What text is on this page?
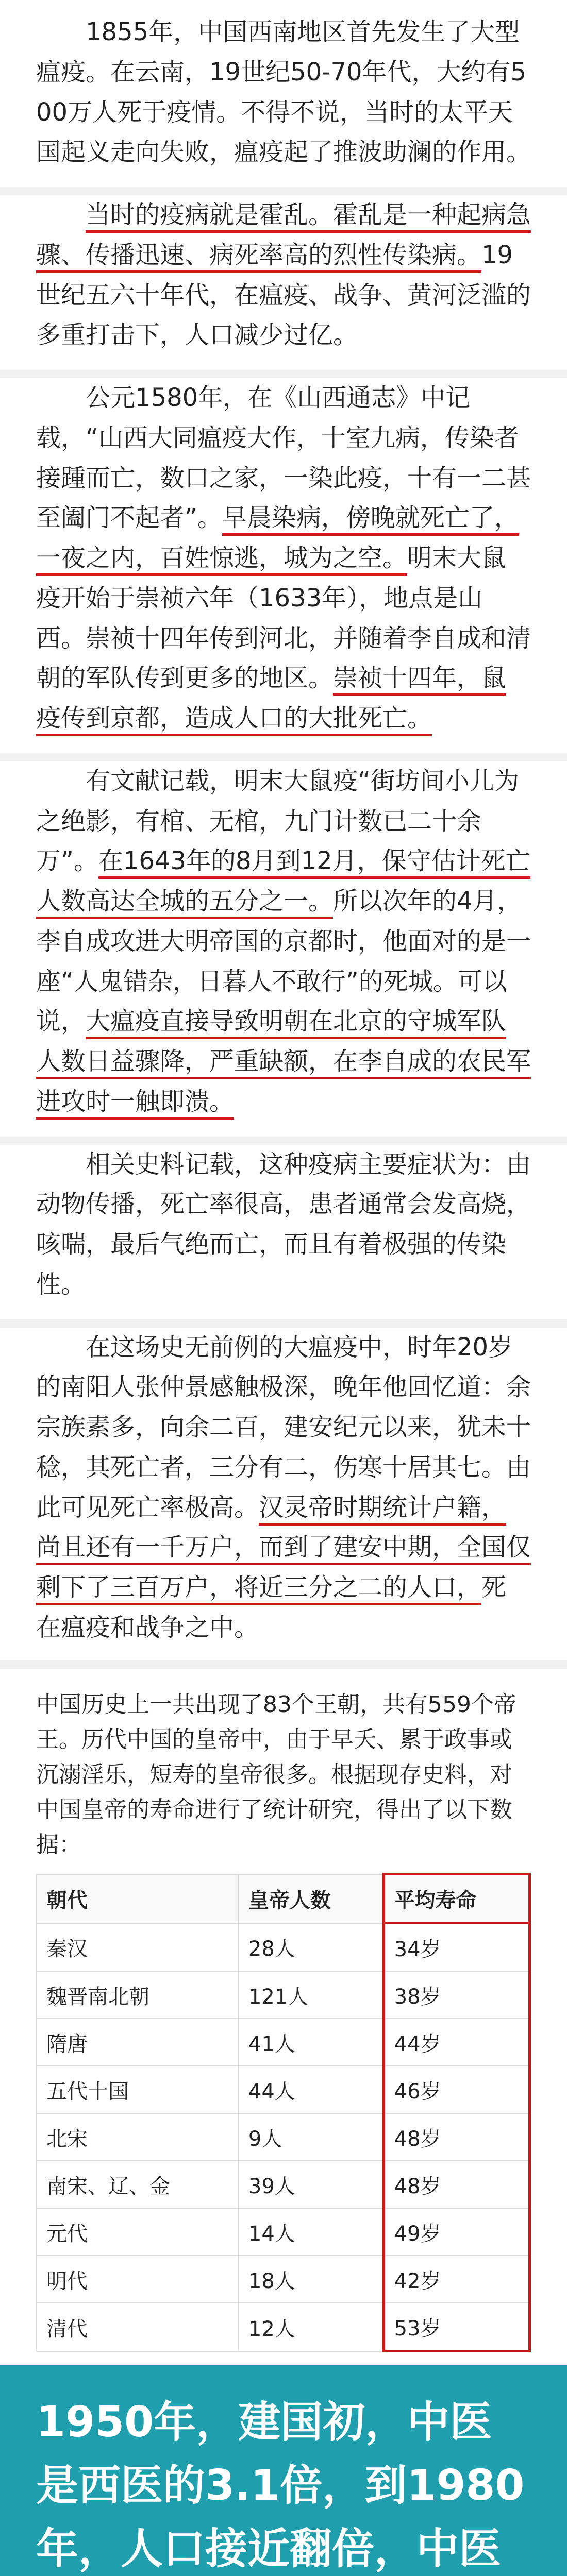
1855年，中国西南地区首先发生了大型瘟疫。在云南，19世纪50-70年代，大约有500万人死于疫情。不得不说，当时的太平天国起义走向失败，瘟疫起了推波助澜的作用。

当时的疫病就是霍乱。霍乱是一种起病急骤、传播迅速、病死率高的烈性传染病。19世纪五六十年代，在瘟疫、战争、黄河泛滥的多重打击下，人口减少过亿。

公元1580年，在《山西通志》中记载，“山西大同瘟疫大作，十室九病，传染者接踵而亡，数口之家，一染此疫，十有一二甚至阖门不起者”。早晨染病，傍晚就死亡了，一夜之内，百姓惊逃，城为之空。明末大鼠疫开始于崇祯六年（1633年），地点是山西。崇祯十四年传到河北，并随着李自成和清朝的军队传到更多的地区。崇祯十四年，鼠疫传到京都，造成人口的大批死亡。

有文献记载，明末大鼠疫“街坊间小儿为之绝影，有棺、无棺，九门计数已二十余万”。在1643年的8月到12月，保守估计死亡人数高达全城的五分之一。所以次年的4月，李自成攻进大明帝国的京都时，他面对的是一座“人鬼错杂，日暮人不敢行”的死城。可以说，大瘟疫直接导致明朝在北京的守城军队人数日益骤降，严重缺额，在李自成的农民军进攻时一触即溃。

相关史料记载，这种疫病主要症状为：由动物传播，死亡率很高，患者通常会发高烧，咳喘，最后气绝而亡，而且有着极强的传染性。

在这场史无前例的大瘟疫中，时年20岁的南阳人张仲景感触极深，晚年他回忆道：余宗族素多，向余二百，建安纪元以来，犹未十稔，其死亡者，三分有二，伤寒十居其七。由此可见死亡率极高。汉灵帝时期统计户籍，尚且还有一千万户，而到了建安中期，全国仅剩下了三百万户，将近三分之二的人口，死在瘟疫和战争之中。

中国历史上一共出现了83个王朝，共有559个帝王。历代中国的皇帝中，由于早夭、累于政事或沉溺淫乐，短寿的皇帝很多。根据现存史料，对中国皇帝的寿命进行了统计研究，得出了以下数据：

朝代	皇帝人数	平均寿命
秦汉	28人	34岁
魏晋南北朝	121人	38岁
隋唐	41人	44岁
五代十国	44人	46岁
北宋	9人	48岁
南宋、辽、金	39人	48岁
元代	14人	49岁
明代	18人	42岁
清代	12人	53岁

1950年，建国初，中医是西医的3.1倍，到1980年，人口接近翻倍，中医
